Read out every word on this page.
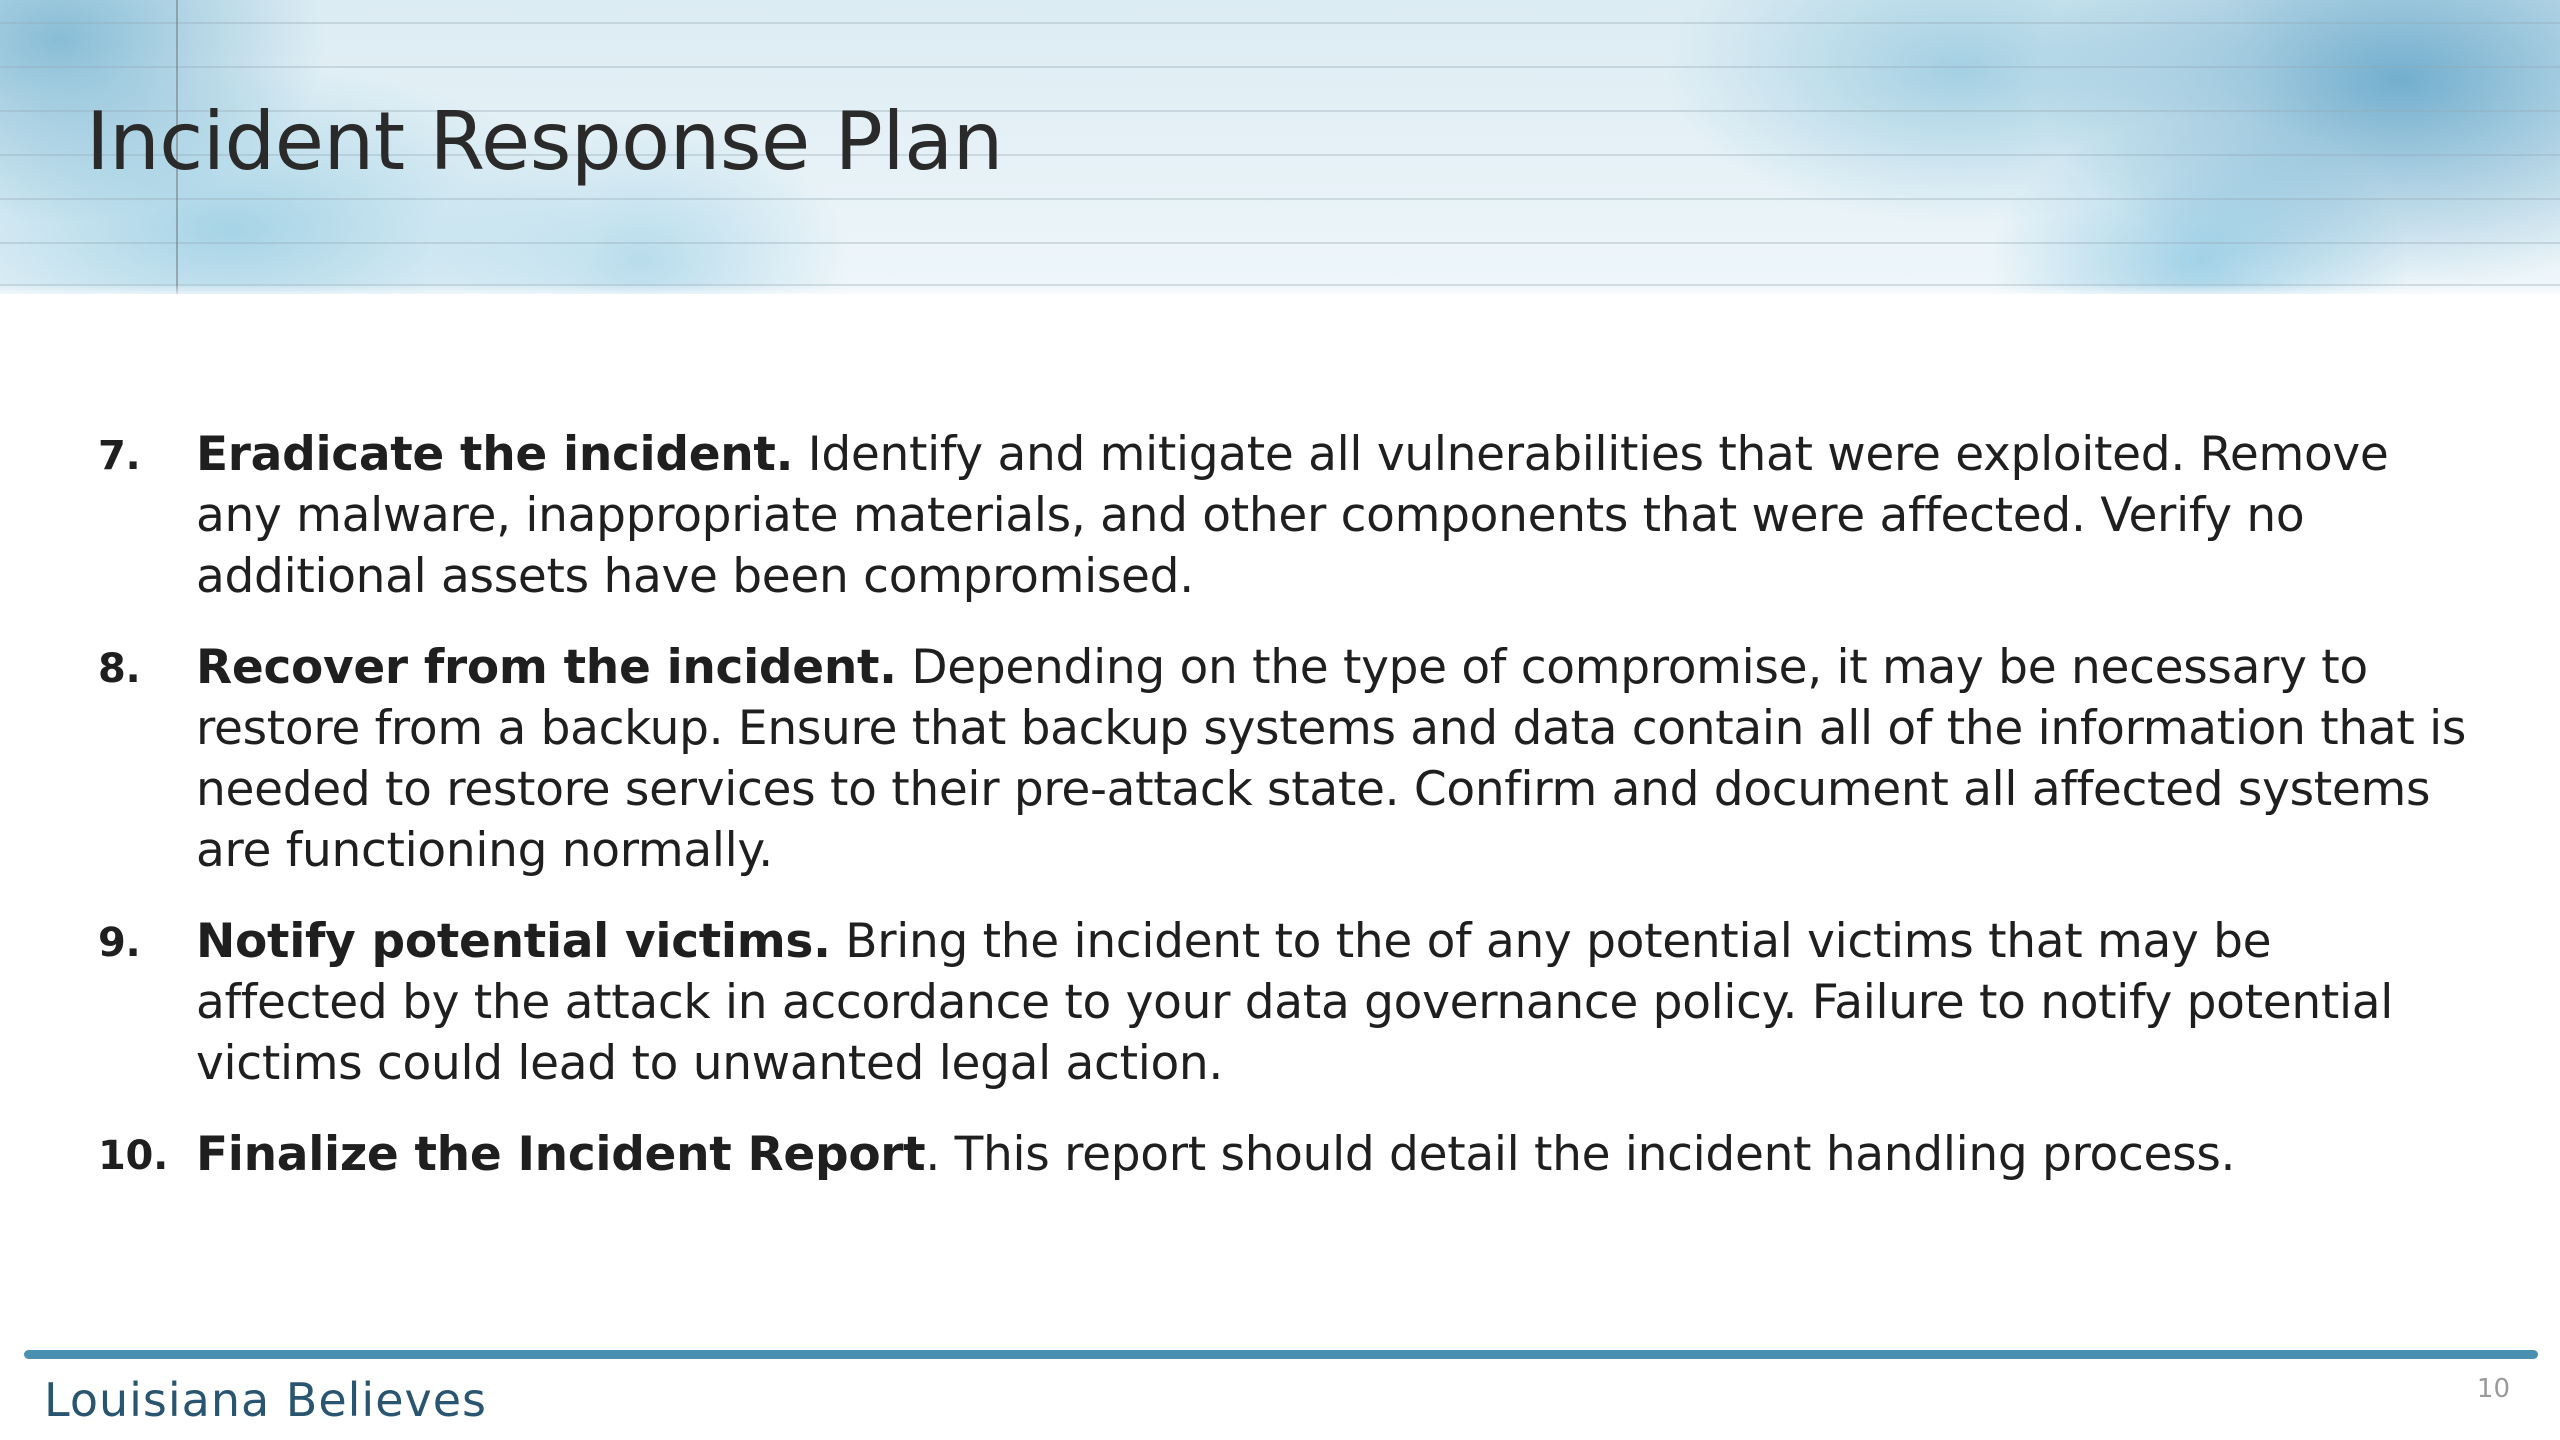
Incident Response Plan
7. Eradicate the incident. Identify and mitigate all vulnerabilities that were exploited. Remove any malware, inappropriate materials, and other components that were affected. Verify no additional assets have been compromised.
8. Recover from the incident. Depending on the type of compromise, it may be necessary to restore from a backup. Ensure that backup systems and data contain all of the information that is needed to restore services to their pre-attack state. Confirm and document all affected systems are functioning normally.
9. Notify potential victims. Bring the incident to the of any potential victims that may be affected by the attack in accordance to your data governance policy. Failure to notify potential victims could lead to unwanted legal action.
10. Finalize the Incident Report. This report should detail the incident handling process.
Louisiana Believes	10
